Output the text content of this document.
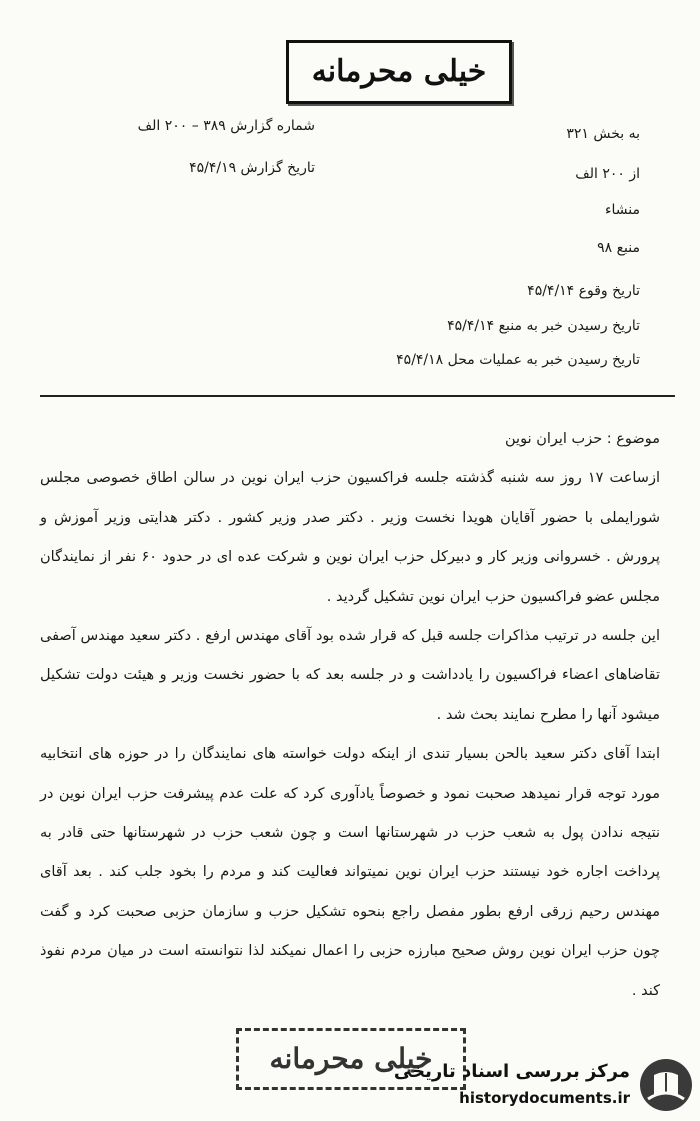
خیلی محرمانه
به بخش ۳۲۱
شماره گزارش ۳۸۹ – ۲۰۰ الف
از ۲۰۰ الف
تاریخ گزارش ۴۵/۴/۱۹
منشاء
منبع ۹۸
تاریخ وقوع ۴۵/۴/۱۴
تاریخ رسیدن خبر به منبع ۴۵/۴/۱۴
تاریخ رسیدن خبر به عملیات محل ۴۵/۴/۱۸

موضوع : حزب ایران نوین

ازساعت ۱۷ روز سه شنبه گذشته جلسه فراکسیون حزب ایران نوین در سالن اطاق خصوصی مجلس شورایملی با حضور آقایان هویدا نخست وزیر . دکتر صدر وزیر کشور . دکتر هدایتی وزیر آموزش و پرورش . خسروانی وزیر کار و دبیرکل حزب ایران نوین و شرکت عده ای در حدود ۶۰ نفر از نمایندگان مجلس عضو فراکسیون حزب ایران نوین تشکیل گردید .

این جلسه در ترتیب مذاکرات جلسه قبل که قرار شده بود آقای مهندس ارفع . دکتر سعید مهندس آصفی تقاضاهای اعضاء فراکسیون را یادداشت و در جلسه بعد که با حضور نخست وزیر و هیئت دولت تشکیل میشود آنها را مطرح نمایند بحث شد .

ابتدا آقای دکتر سعید بالحن بسیار تندی از اینکه دولت خواسته های نمایندگان را در حوزه های انتخابیه مورد توجه قرار نمیدهد صحبت نمود و خصوصاً یادآوری کرد که علت عدم پیشرفت حزب ایران نوین در نتیجه ندادن پول به شعب حزب در شهرستانها است و چون شعب حزب در شهرستانها حتی قادر به پرداخت اجاره خود نیستند حزب ایران نوین نمیتواند فعالیت کند و مردم را بخود جلب کند . بعد آقای مهندس رحیم زرقی ارفع بطور مفصل راجع بنحوه تشکیل حزب و سازمان حزبی صحبت کرد و گفت چون حزب ایران نوین روش صحیح مبارزه حزبی را اعمال نمیکند لذا نتوانسته است در میان مردم نفوذ کند .

خیلی محرمانه
مرکز بررسی اسناد تاریخی
historydocuments.ir
